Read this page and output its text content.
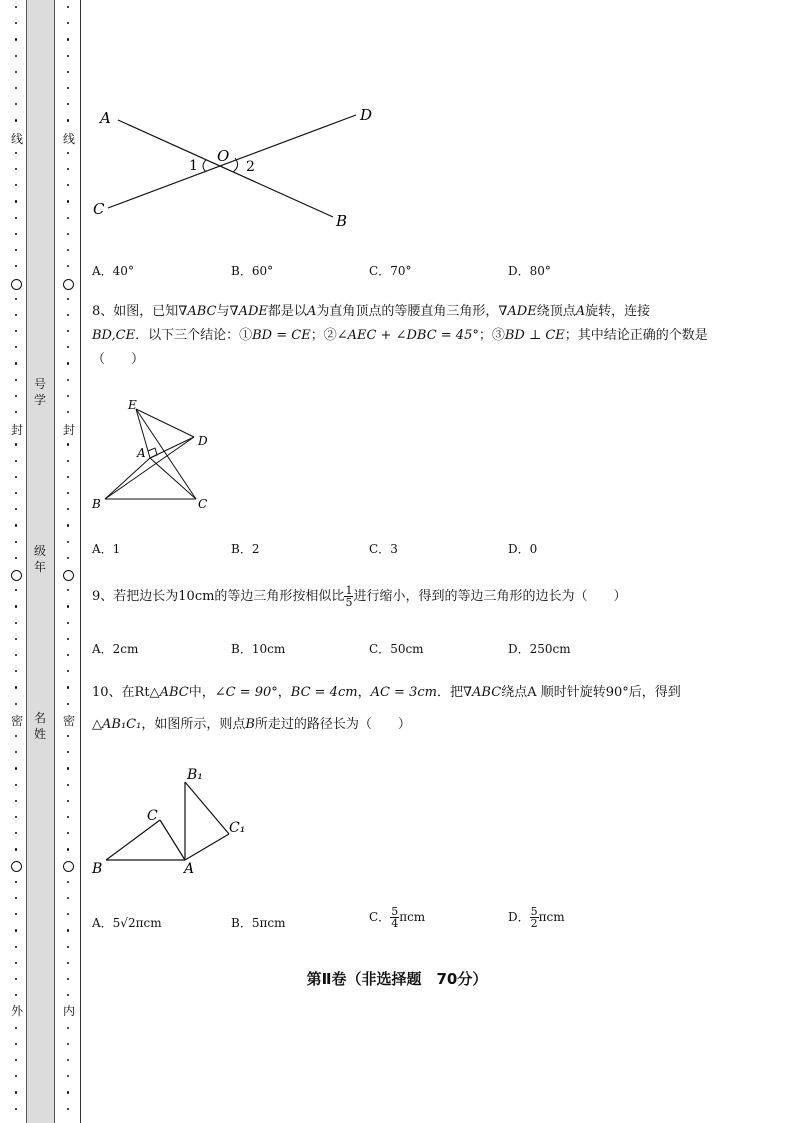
线
封
密
外
线
封
密
内
号学
级年
名姓
A	D
O
1	2
C
B
A．40°	B．60°	C．70°	D．80°
8、如图，已知∇ABC与∇ADE都是以A为直角顶点的等腰直角三角形，∇ADE绕顶点A旋转，连接
BD,CE．以下三个结论：①BD = CE；②∠AEC + ∠DBC = 45°；③BD ⊥ CE；其中结论正确的个数是
（　　）
E
D
A
B	C
A．1	B．2	C．3	D．0
9、若把边长为10cm的等边三角形按相似比 $\frac{1}{5}$ 进行缩小，得到的等边三角形的边长为（　　）
A．2cm	B．10cm	C．50cm	D．250cm
10、在Rt△ABC中，∠C = 90°，BC = 4cm，AC = 3cm．把∇ABC绕点A 顺时针旋转90°后，得到
△AB₁C₁，如图所示，则点B所走过的路径长为（　　）
B₁
C
C₁
B	A
A．5√2πcm	B．5πcm	C． $\frac{5}{4}$ πcm	D． $\frac{5}{2}$ πcm
第Ⅱ卷（非选择题　70分）
